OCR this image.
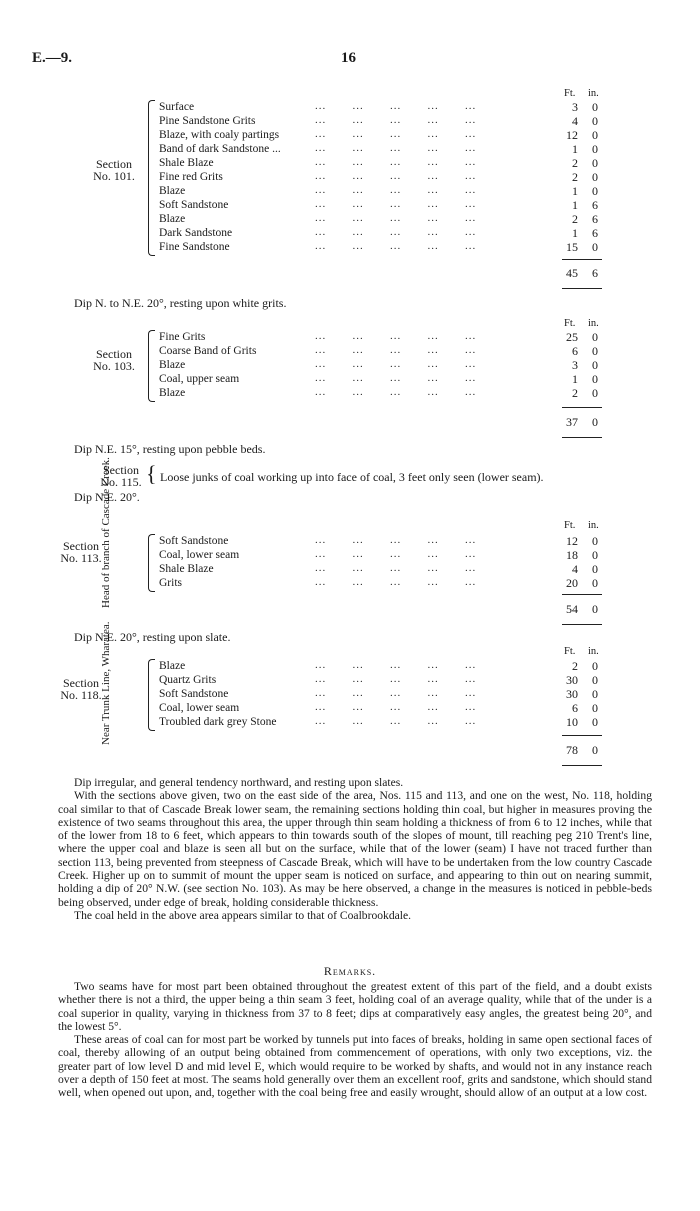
E.—9.	16
Ft. in.
Section No. 101.
Surface	...       ...       ...       ...       ...	3	0
Pine Sandstone Grits	...       ...       ...       ...       ...	4	0
Blaze, with coaly partings	...       ...       ...       ...       ...	12	0
Band of dark Sandstone ...	...       ...       ...       ...       ...	1	0
Shale Blaze	...       ...       ...       ...       ...	2	0
Fine red Grits	...       ...       ...       ...       ...	2	0
Blaze	...       ...       ...       ...       ...	1	0
Soft Sandstone	...       ...       ...       ...       ...	1	6
Blaze	...       ...       ...       ...       ...	2	6
Dark Sandstone	...       ...       ...       ...       ...	1	6
Fine Sandstone	...       ...       ...       ...       ...	15	0
45	6
Dip N. to N.E. 20°, resting upon white grits.
Ft. in.
Section No. 103.
Fine Grits	...       ...       ...       ...       ...	25	0
Coarse Band of Grits	...       ...       ...       ...       ...	6	0
Blaze	...       ...       ...       ...       ...	3	0
Coal, upper seam	...       ...       ...       ...       ...	1	0
Blaze	...       ...       ...       ...       ...	2	0
37	0
Dip N.E. 15°, resting upon pebble beds.
Ft. in.
Section No. 113.
Head of branch of Cascade Creek.	Soft Sandstone	...       ...       ...       ...       ...	12	0
Coal, lower seam	...       ...       ...       ...       ...	18	0
Shale Blaze	...       ...       ...       ...       ...	4	0
Grits	...       ...       ...       ...       ...	20	0
54	0
Dip N.E. 20°, resting upon slate.
Ft. in.
Section No. 118.
Near Trunk Line, Wharatea.	Blaze	...       ...       ...       ...       ...	2	0
Quartz Grits	...       ...       ...       ...       ...	30	0
Soft Sandstone	...       ...       ...       ...       ...	30	0
Coal, lower seam	...       ...       ...       ...       ...	6	0
Troubled dark grey Stone	...       ...       ...       ...       ...	10	0
78	0
Section No. 115. { Loose junks of coal working up into face of coal, 3 feet only seen (lower seam).

Dip irregular, and general tendency northward, and resting upon slates.

With the sections above given, two on the east side of the area, Nos. 115 and 113, and one on the west, No. 118, holding coal similar to that of Cascade Break lower seam, the remaining sections holding thin coal, but higher in measures proving the existence of two seams throughout this area, the upper through thin seam holding a thickness of from 6 to 12 inches, while that of the lower from 18 to 6 feet, which appears to thin towards south of the slopes of mount, till reaching peg 210 Trent's line, where the upper coal and blaze is seen all but on the surface, while that of the lower (seam) I have not traced further than section 113, being prevented from steepness of Cascade Break, which will have to be undertaken from the low country Cascade Creek. Higher up on to summit of mount the upper seam is noticed on surface, and appearing to thin out on nearing summit, holding a dip of 20° N.W. (see section No. 103). As may be here observed, a change in the measures is noticed in pebble-beds being observed, under edge of break, holding considerable thickness.

The coal held in the above area appears similar to that of Coalbrookdale.

Remarks.

Two seams have for most part been obtained throughout the greatest extent of this part of the field, and a doubt exists whether there is not a third, the upper being a thin seam 3 feet, holding coal of an average quality, while that of the under is a coal superior in quality, varying in thickness from 37 to 8 feet; dips at comparatively easy angles, the greatest being 20°, and the lowest 5°.

These areas of coal can for most part be worked by tunnels put into faces of breaks, holding in same open sectional faces of coal, thereby allowing of an output being obtained from commencement of operations, with only two exceptions, viz. the greater part of low level D and mid level E, which would require to be worked by shafts, and would not in any instance reach over a depth of 150 feet at most. The seams hold generally over them an excellent roof, grits and sandstone, which should stand well, when opened out upon, and, together with the coal being free and easily wrought, should allow of an output at a low cost.

Dip N.E. 20°.
